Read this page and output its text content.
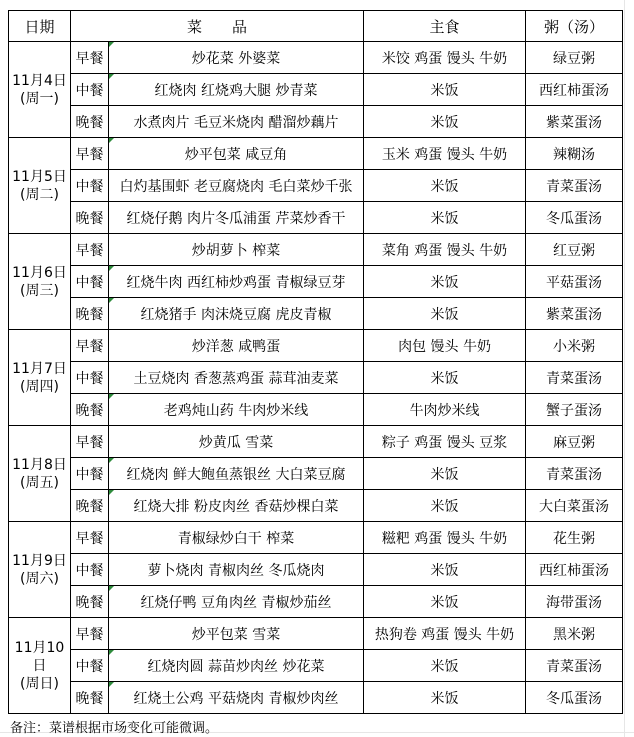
日期	菜　　品		主食	粥（汤）

11月4日
(周一)	早餐	炒花菜 外婆菜	米饺 鸡蛋 馒头 牛奶	绿豆粥
	中餐	红烧肉 红烧鸡大腿 炒青菜	米饭	西红柿蛋汤
	晚餐	水煮肉片 毛豆米烧肉 醋溜炒藕片	米饭	紫菜蛋汤

11月5日
(周二)	早餐	炒平包菜 咸豆角	玉米 鸡蛋 馒头 牛奶	辣糊汤
	中餐	白灼基围虾 老豆腐烧肉 毛白菜炒千张	米饭	青菜蛋汤
	晚餐	红烧仔鹅 肉片冬瓜浦蛋 芹菜炒香干	米饭	冬瓜蛋汤

11月6日
(周三)	早餐	炒胡萝卜 榨菜	菜角 鸡蛋 馒头 牛奶	红豆粥
	中餐	红烧牛肉 西红柿炒鸡蛋 青椒绿豆芽	米饭	平菇蛋汤
	晚餐	红烧猪手 肉沫烧豆腐 虎皮青椒	米饭	紫菜蛋汤

11月7日
(周四)	早餐	炒洋葱 咸鸭蛋	肉包 馒头 牛奶	小米粥
	中餐	土豆烧肉 香葱蒸鸡蛋 蒜茸油麦菜	米饭	青菜蛋汤
	晚餐	老鸡炖山药 牛肉炒米线	牛肉炒米线	蟹子蛋汤

11月8日
(周五)	早餐	炒黄瓜 雪菜	粽子 鸡蛋 馒头 豆浆	麻豆粥
	中餐	红烧肉 鲜大鲍鱼蒸银丝 大白菜豆腐	米饭	青菜蛋汤
	晚餐	红烧大排 粉皮肉丝 香菇炒棵白菜	米饭	大白菜蛋汤

11月9日
(周六)	早餐	青椒绿炒白干 榨菜	糍粑 鸡蛋 馒头 牛奶	花生粥
	中餐	萝卜烧肉 青椒肉丝 冬瓜烧肉	米饭	西红柿蛋汤
	晚餐	红烧仔鸭 豆角肉丝 青椒炒茄丝	米饭	海带蛋汤

11月10日
(周日)	早餐	炒平包菜 雪菜	热狗卷 鸡蛋 馒头 牛奶	黑米粥
	中餐	红烧肉圆 蒜苗炒肉丝 炒花菜	米饭	青菜蛋汤
	晚餐	红烧土公鸡 平菇烧肉 青椒炒肉丝	米饭	冬瓜蛋汤
备注：菜谱根据市场变化可能微调。
